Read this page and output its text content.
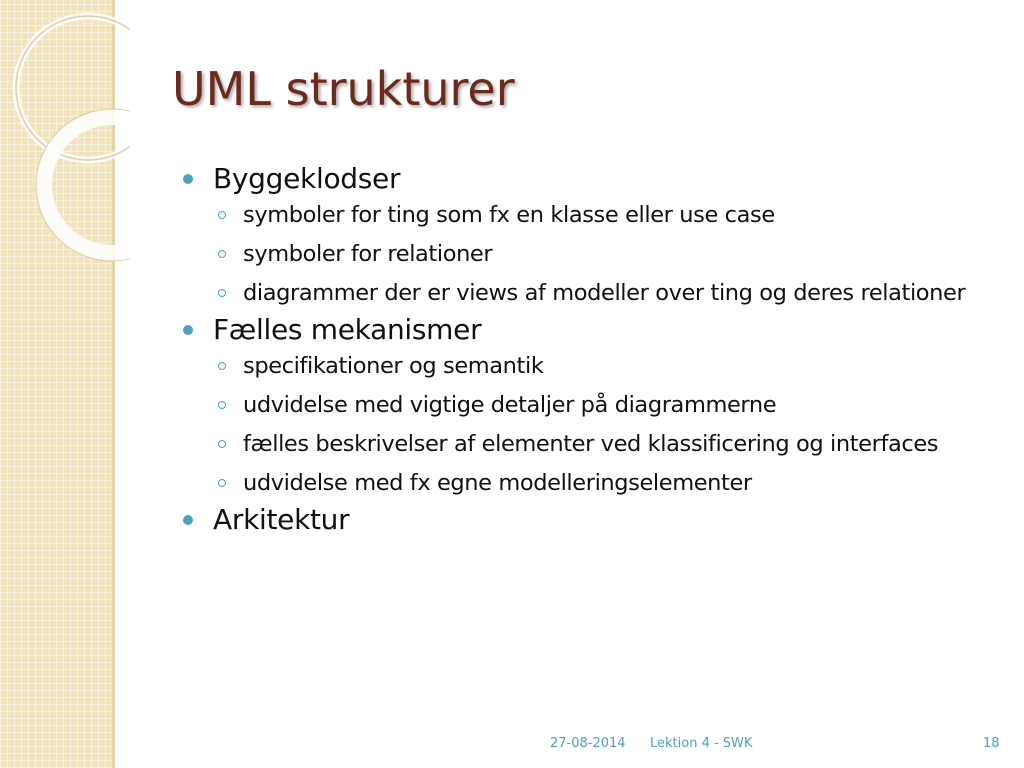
UML strukturer
Byggeklodser
symboler for ting som fx en klasse eller use case
symboler for relationer
diagrammer der er views af modeller over ting og deres relationer
Fælles mekanismer
specifikationer og semantik
udvidelse med vigtige detaljer på diagrammerne
fælles beskrivelser af elementer ved klassificering og interfaces
udvidelse med fx egne modelleringselementer
Arkitektur
27-08-2014 Lektion 4 - SWK	18
